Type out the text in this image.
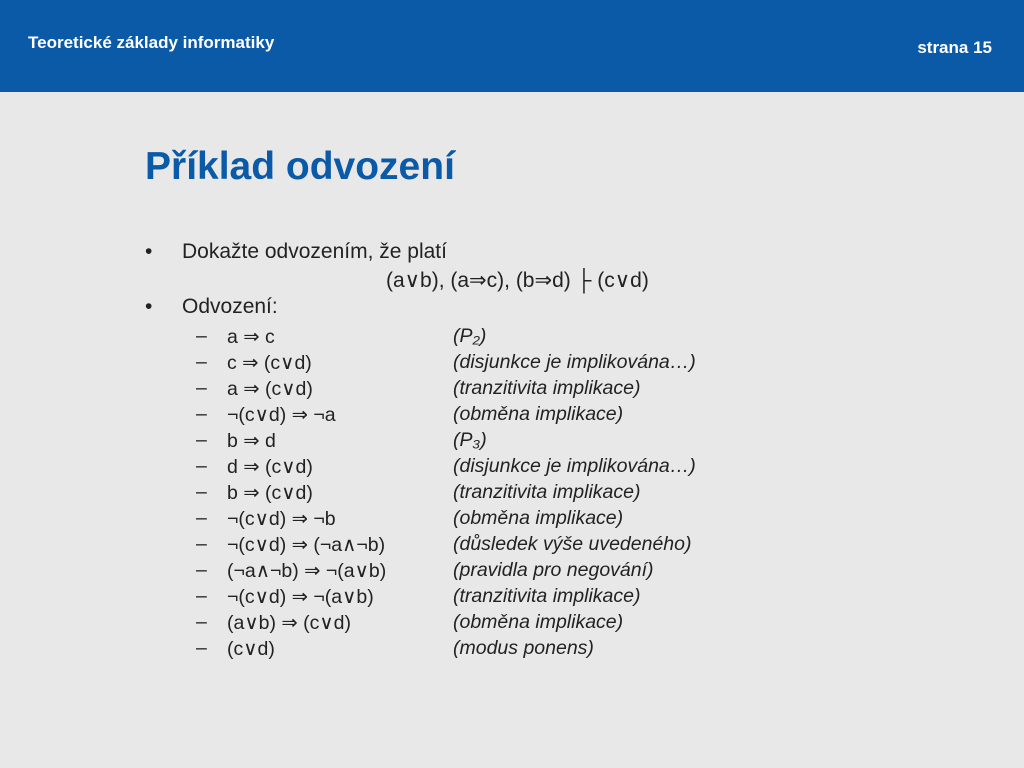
Teoretické základy informatiky	strana 15
Příklad odvození
• Dokažte odvozením, že platí
(a∨b), (a⇒c), (b⇒d) ├ (c∨d)
• Odvození:
– a ⇒ c	(P₂)
– c ⇒ (c∨d)	(disjunkce je implikována…)
– a ⇒ (c∨d)	(tranzitivita implikace)
– ¬(c∨d) ⇒ ¬a	(obměna implikace)
– b ⇒ d	(P₃)
– d ⇒ (c∨d)	(disjunkce je implikována…)
– b ⇒ (c∨d)	(tranzitivita implikace)
– ¬(c∨d) ⇒ ¬b	(obměna implikace)
– ¬(c∨d) ⇒ (¬a∧¬b)	(důsledek výše uvedeného)
– (¬a∧¬b) ⇒ ¬(a∨b)	(pravidla pro negování)
– ¬(c∨d) ⇒ ¬(a∨b)	(tranzitivita implikace)
– (a∨b) ⇒ (c∨d)	(obměna implikace)
– (c∨d)	(modus ponens)
